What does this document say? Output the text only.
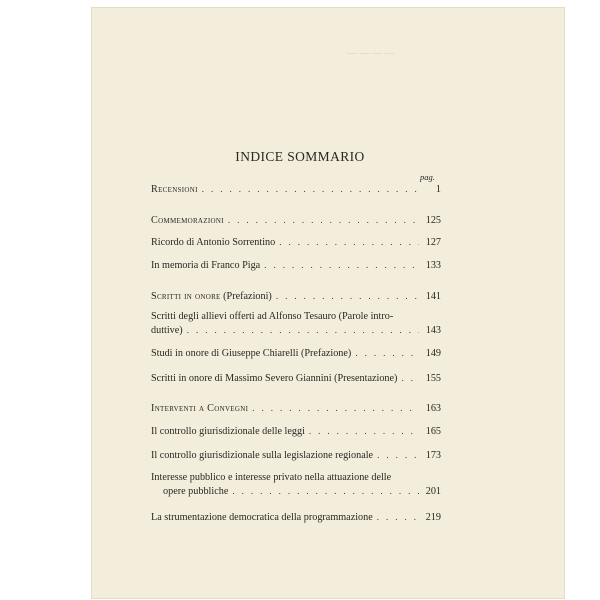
— — — —
INDICE SOMMARIO
pag.
Recensioni .....	1
Commemorazioni .....	125
Ricordo di Antonio Sorrentino .....	127
In memoria di Franco Piga .....	133
Scritti in onore (Prefazioni) .....	141
Scritti degli allievi offerti ad Alfonso Tesauro (Parole intro-
duttive) .....	143
Studi in onore di Giuseppe Chiarelli (Prefazione) .....	149
Scritti in onore di Massimo Severo Giannini (Presentazione) .....	155
Interventi a Convegni .....	163
Il controllo giurisdizionale delle leggi .....	165
Il controllo giurisdizionale sulla legislazione regionale .....	173
Interesse pubblico e interesse privato nella attuazione delle
opere pubbliche .....	201
La strumentazione democratica della programmazione .....	219
